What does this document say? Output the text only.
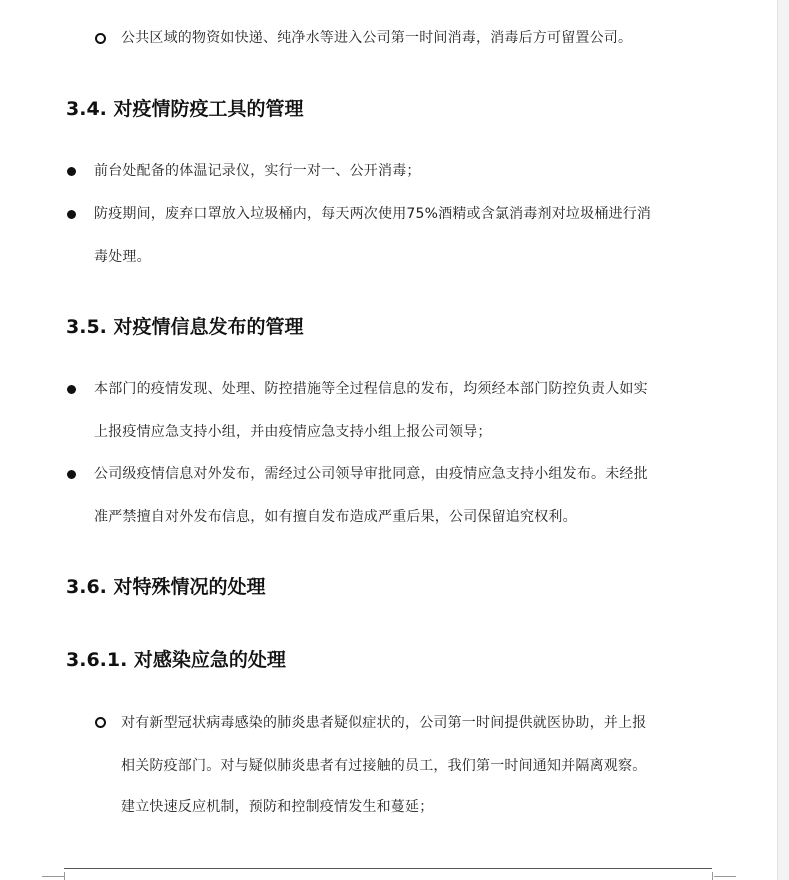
公共区域的物资如快递、纯净水等进入公司第一时间消毒，消毒后方可留置公司。
3.4. 对疫情防疫工具的管理
前台处配备的体温记录仪，实行一对一、公开消毒；
防疫期间，废弃口罩放入垃圾桶内，每天两次使用75%酒精或含氯消毒剂对垃圾桶进行消
毒处理。
3.5. 对疫情信息发布的管理
本部门的疫情发现、处理、防控措施等全过程信息的发布，均须经本部门防控负责人如实
上报疫情应急支持小组，并由疫情应急支持小组上报公司领导；
公司级疫情信息对外发布，需经过公司领导审批同意，由疫情应急支持小组发布。未经批
准严禁擅自对外发布信息，如有擅自发布造成严重后果，公司保留追究权利。
3.6. 对特殊情况的处理
3.6.1. 对感染应急的处理
对有新型冠状病毒感染的肺炎患者疑似症状的，公司第一时间提供就医协助，并上报
相关防疫部门。对与疑似肺炎患者有过接触的员工，我们第一时间通知并隔离观察。
建立快速反应机制，预防和控制疫情发生和蔓延；
